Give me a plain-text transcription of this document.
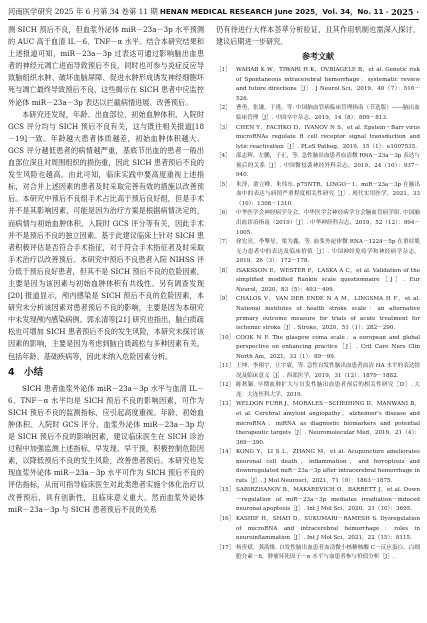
河南医学研究 2025 年 6 月第 34 卷第 11 期 HENAN MEDICAL RESEARCH June 2025，Vol. 34，No. 11 · 2025 ·

测 SICH 预后不良，但血浆外泌体 miR－23a－3p 水平预测的 AUC 高于血清 IL－6、TNF－α 水平。结合本研究结果和上述报道可知，miR－23a－3p 过表达可通过影响脑出血患者的神经元凋亡进而导致预后不良，同时也可参与炎症反应导致脑组织水肿、破坏血脑屏障、促进水肿形成诱发神经细胞坏死与凋亡最终导致预后不良，这些揭示在 SICH 患者中应监控外泌体 miR－23a－3p 表达以拦截病情进展、改善预后。

本研究还发现，年龄、出血部位、初始血肿体积、入院时 GCS 评分均与 SICH 预后不良有关，这与既往相关报道[18－19]一致。年龄越大患者体质越差，初始血肿体积越大、GCS 评分越低患者的病情越严重，基底节出血的患者一般出血部位深且对周围组织的损伤重，因此 SICH 患者预后不良的发生风险也越高。由此可知，临床实践中要高度重视上述指标，对合并上述因素的患者及时采取完善有效的措施以改善预后。本研究中预后不良组手术占比高于预后良好组，但是手术并不是其影响因素，可能是因为治疗方案是根据病情决定的，而病情与初始血肿体积、入院时 GCS 评分等有关，因此手术并不是预后不良的独立因素。基于此建议临床上针对 SICH 患者积极评估是否符合手术指征，对于符合手术指征者及时采取手术治疗以改善预后。本研究中预后不良患者入院 NIHSS 评分低于预后良好患者，但其不是 SICH 预后不良的危险因素，主要是因为该因素与初始血肿体积有共线性。另有调查发现[20] 报道显示，颅内感染是 SICH 预后不良的危险因素，本研究未分析该因素对患者预后不良的影响，主要是因为本研究中未发现颅内感染病例。郭永清等[21] 研究也指出，脑白质疏松也可增加 SICH 患者预后不良的发生风险，本研究未探讨该因素的影响，主要是因为考虑到脑白质疏松与多种因素有关，包括年龄、基础疾病等，因此未纳入危险因素分析。

4　小结

SICH 患者血浆外泌体 miR－23a－3p 水平与血清 IL－6、TNF－α 水平均是 SICH 预后不良的影响因素，可作为 SICH 预后不良的监测指标，应引起高度重视。年龄、初始血肿体积、入院时 GCS 评分、血浆外泌体 miR－23a－3p 均是 SICH 预后不良的影响因素，建议临床医生在 SICH 诊治过程中加强监测上述指标，早发现、早干预，积极控制危险因素，以降低预后不良的发生风险，改善患者预后。本研究也发现血浆外泌体 miR－23a－3p 水平可作为 SICH 预后不良的评估指标，从而可指导临床医生对此类患者实施个体化治疗以改善预后，具有创新性，且临床意义重大。然而血浆外泌体 miR－23a－3p 与 SICH 患者预后不良的关系

仍有待进行大样本荟萃分析验证，且其作用机制也需深入探讨，建议后期进一步研究。

参考文献
［1］ WAHAB K W，TIWARI H K，OVBIAGELE B，et al. Genetic risk of Spontaneous intracerebral hemorrhage：systematic review and future directions［J］. J Neurol Sci，2019，40（7）：516－526.
［2］ 曹勇，张谦，于洮，等. 中国脑血管病临床管理指南（节选版）——脑出血临床管理［J］. 中国卒中杂志，2019，14（8）：809－813.
［3］ CHEN Y，FACHKO D，IVANOV N S，et al. Epstein－Barr virus microRNAs regulate B cell receptor signal transduction and lytic reactivation［J］. PLoS Pathog，2019，15（1）：e1007535.
［4］ 邵志辉，左鹏，于正，等. 急性脑出血患者血清微 RNA－23a－3p 表达与预后的关系［J］. 中国微侵袭神经外科杂志，2019，24（10）：937－940.
［5］ 朱泽，俞立峰，朱伟东. p75NTR，LINGO－1，miR－23a－3p 在脑出血中的表达与病情严重程度相关性研究［J］. 现代实用医学，2021，33（10）：1308－1310.
［6］ 中华医学会神经病学分会，中华医学会神经病学分会脑血管病学组. 中国脑出血诊治指南（2019）［J］. 中华神经科杂志，2019，52（12）：994－1005.
［7］ 徐宏亮，李擎星，梁为鑫，等. 血浆外泌体微 RNA－1224－5p 在重症肌无力患者中的表达及临床价值［J］. 中国神经免疫学和神经病学杂志，2019，26（3）：172－178.
［8］ ISAKSSON E，WESTER P，LASKA A C，et al. Validation of the simplified modified Rankin scale questionnaire［J］. Eur Neurol，2020，83（5）：493－499.
［9］ CHALOS V，VAN DER ENDE N A M，LINGSMA H F，et al. National institutes of health stroke scale：an alternative primary outcome measure for trials of acute treatment for ischemic stroke［J］. Stroke，2020，51（1）：282－290.
［10］ COOK N F. The glasgow coma scale：a european and global perspective on enhancing practice［J］. Crit Care Nurs Clin North Am，2021，33（1）：89－99.
［11］ 王坤，李翔宇，汪宇寰，等. 急性自发性脑出血患者血清 HA 水平的表达情况及临床意义［J］. 西部医学，2019，31（12）：1879－1882.
［12］ 陈秋颖. 早期血肿扩大与自发性脑出血患者预后的相关性研究［D］. 大连：大连医科大学，2019.
［13］ WELDON FURR J，MORALES－SCHEIHING D，MANWANI B，et al. Cerebral amyloid angiopathy，alzheimer’s disease and microRNA：miRNA as diagnostic biomarkers and potential therapeutic targets［J］. Neuromolecular Med，2019，21（4）：369－390.
［14］ KONG Y，LI S L，ZHANG M，et al. Acupuncture ameliorates neuronal cell death，inflammation，and ferroptosis and downregulated miR－23a－3p after intracerebral hemorrhage in rats［J］. J Mol Neurosci，2021，71（9）：1863－1875.
［15］ SABIRZHANOV B，MAKAREVICH O，BARRETT J，et al. Down－regulation of miR－23a－3p mediates irradiation－induced neuronal apoptosis［J］. Int J Mol Sci，2020，21（10）：3695.
［16］ KASHIF H，SHAH D，SUKUMARI－RAMESH S. Dysregulation of microRNA and intracerebral hemorrhage：roles in neuroinflammation［J］. Int J Mol Sci，2021，22（15）：8115.
［17］ 杨贵斌，龚韵维. 自发性脑出血患者血清微小核糖核酸 C－反应蛋白，白细胞介素－6，肿瘤坏死因子－α 水平与血患者参与价值分析［J］.
